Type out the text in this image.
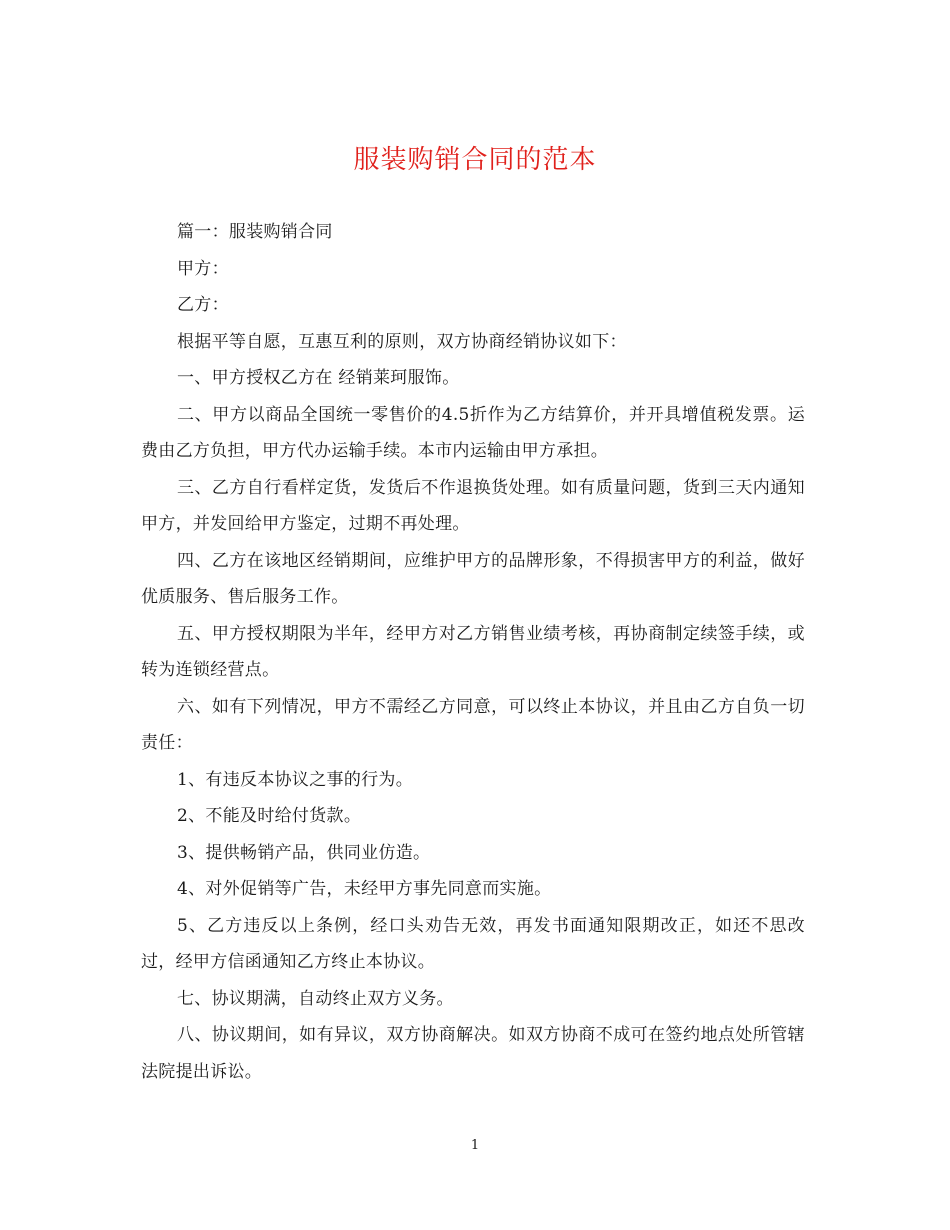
服装购销合同的范本

篇一：服装购销合同

甲方：

乙方：

根据平等自愿，互惠互利的原则，双方协商经销协议如下：

一、甲方授权乙方在 经销莱珂服饰。

二、甲方以商品全国统一零售价的4.5折作为乙方结算价，并开具增值税发票。运费由乙方负担，甲方代办运输手续。本市内运输由甲方承担。

三、乙方自行看样定货，发货后不作退换货处理。如有质量问题，货到三天内通知甲方，并发回给甲方鉴定，过期不再处理。

四、乙方在该地区经销期间，应维护甲方的品牌形象，不得损害甲方的利益，做好优质服务、售后服务工作。

五、甲方授权期限为半年，经甲方对乙方销售业绩考核，再协商制定续签手续，或转为连锁经营点。

六、如有下列情况，甲方不需经乙方同意，可以终止本协议，并且由乙方自负一切责任：

1、有违反本协议之事的行为。

2、不能及时给付货款。

3、提供畅销产品，供同业仿造。

4、对外促销等广告，未经甲方事先同意而实施。

5、乙方违反以上条例，经口头劝告无效，再发书面通知限期改正，如还不思改过，经甲方信函通知乙方终止本协议。

七、协议期满，自动终止双方义务。

八、协议期间，如有异议，双方协商解决。如双方协商不成可在签约地点处所管辖法院提出诉讼。

1
